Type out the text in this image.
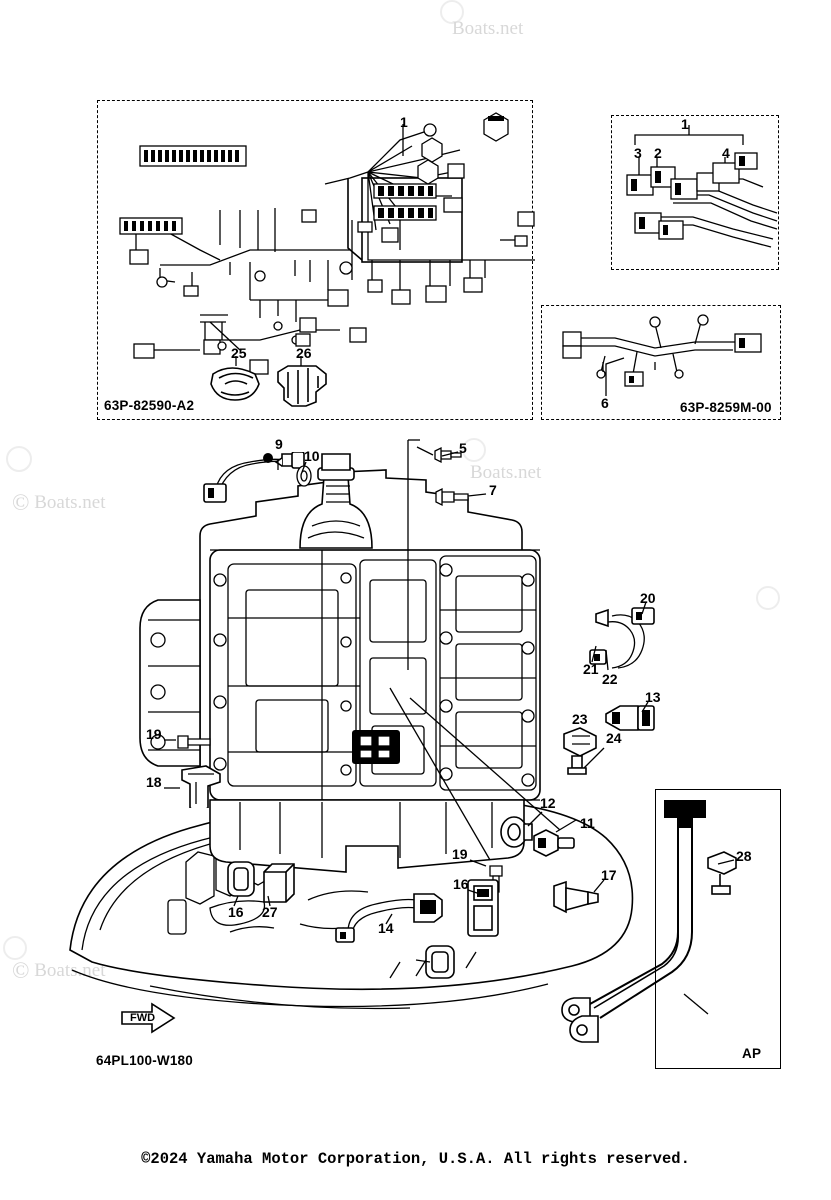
© Boats.net
Boats.net
© Boats.net
Boats.net
63P-82590-A2	63P-8259M-00
1	1
3 2	4
6
25	26
9
10	5
7
20
21
22
13
23
24
19
18
12
11
19
17
16
14
16 27
28
AP
FWD
64PL100-W180
©2024 Yamaha Motor Corporation, U.S.A. All rights reserved.
